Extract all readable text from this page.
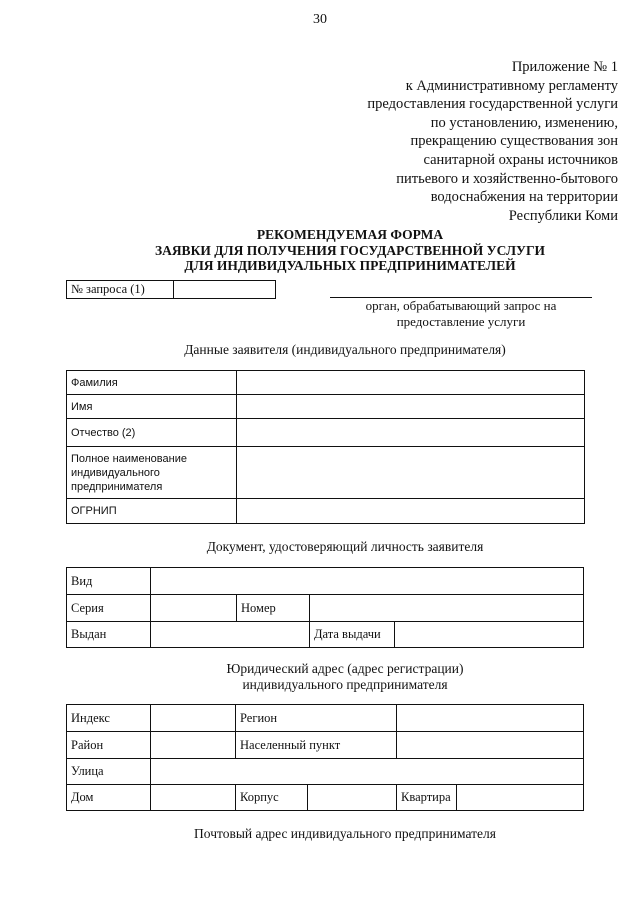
30
Приложение № 1
к Административному регламенту
предоставления государственной услуги
по установлению, изменению,
прекращению существования зон
санитарной охраны источников
питьевого и хозяйственно-бытового
водоснабжения на территории
Республики Коми
РЕКОМЕНДУЕМАЯ ФОРМА
ЗАЯВКИ ДЛЯ ПОЛУЧЕНИЯ ГОСУДАРСТВЕННОЙ УСЛУГИ
ДЛЯ ИНДИВИДУАЛЬНЫХ ПРЕДПРИНИМАТЕЛЕЙ
№ запроса (1)
орган, обрабатывающий запрос на
предоставление услуги
Данные заявителя (индивидуального предпринимателя)
Фамилия	
Имя	
Отчество (2)	

Полное наименование
индивидуального
предпринимателя	

ОГРНИП	
Документ, удостоверяющий личность заявителя
Вид				
Серия		Номер		
Выдан			Дата выдачи	
Юридический адрес (адрес регистрации)
индивидуального предпринимателя
Индекс		Регион			
Район		Населенный пункт			
Улица					
Дом		Корпус		Квартира	
Почтовый адрес индивидуального предпринимателя
